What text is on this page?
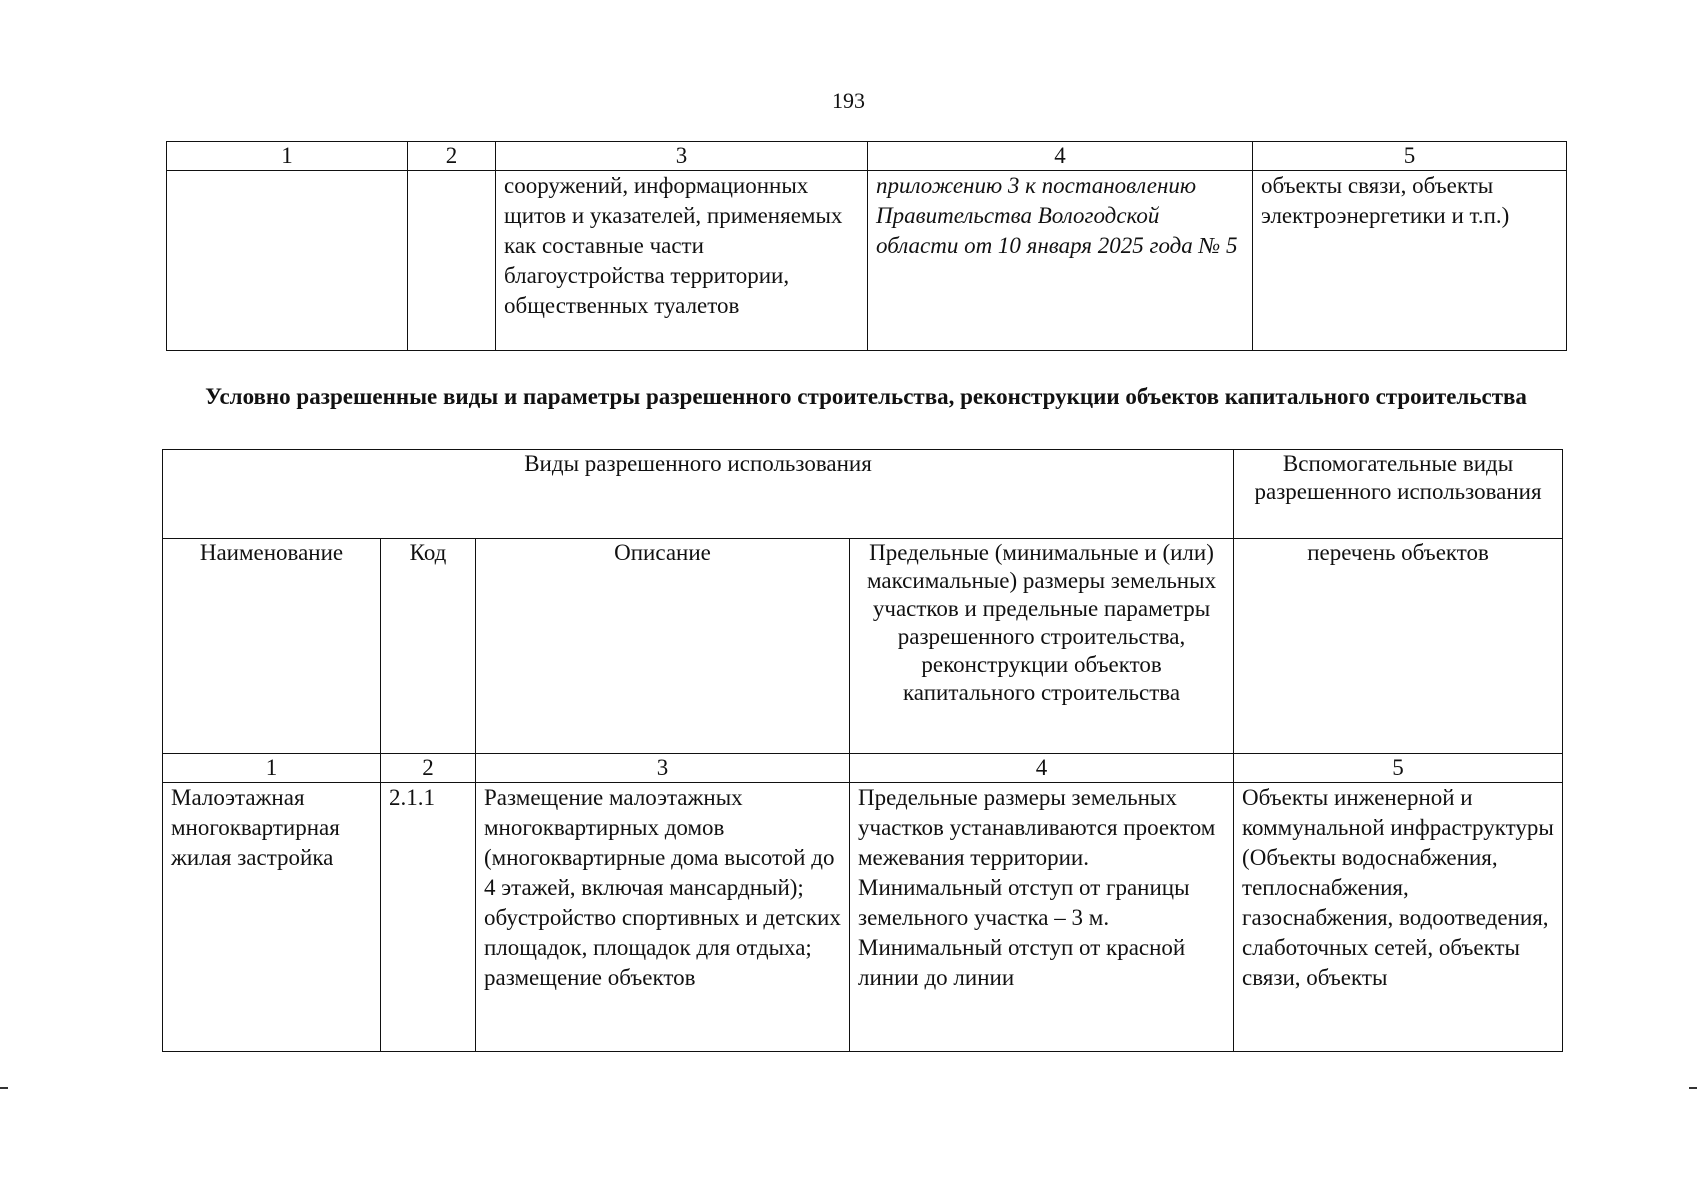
193
1	2	3	4	5
		сооружений, информационных щитов и указателей, применяемых как составные части благоустройства территории, общественных туалетов	приложению 3 к постановлению Правительства Вологодской области от 10 января 2025 года № 5	объекты связи, объекты электроэнергетики и т.п.)
Условно разрешенные виды и параметры разрешенного строительства, реконструкции объектов капитального строительства
Виды разрешенного использования				Вспомогательные виды разрешенного использования
Наименование	Код	Описание	Предельные (минимальные и (или) максимальные) размеры земельных участков и предельные параметры разрешенного строительства, реконструкции объектов капитального строительства	перечень объектов
1	2	3	4	5
Малоэтажная многоквартирная жилая застройка	2.1.1	Размещение малоэтажных многоквартирных домов (многоквартирные дома высотой до 4 этажей, включая мансардный); обустройство спортивных и детских площадок, площадок для отдыха; размещение объектов	Предельные размеры земельных участков устанавливаются проектом межевания территории. Минимальный отступ от границы земельного участка – 3 м. Минимальный отступ от красной линии до линии	Объекты инженерной и коммунальной инфраструктуры (Объекты водоснабжения, теплоснабжения, газоснабжения, водоотведения, слаботочных сетей, объекты связи, объекты
